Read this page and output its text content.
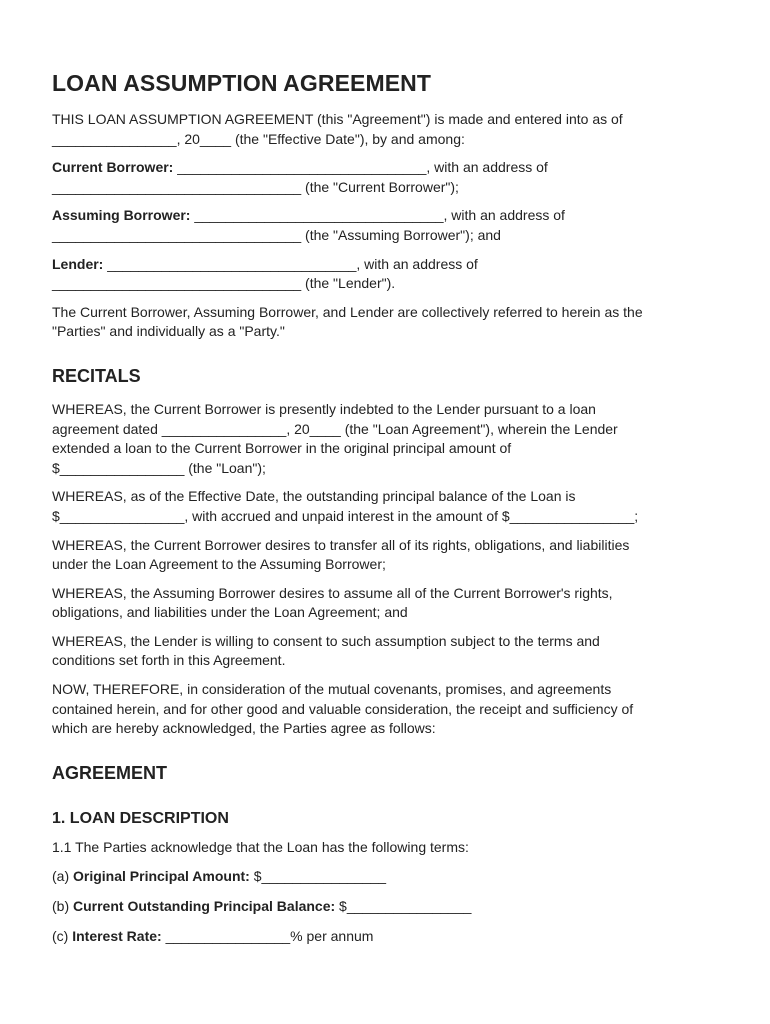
LOAN ASSUMPTION AGREEMENT

THIS LOAN ASSUMPTION AGREEMENT (this "Agreement") is made and entered into as of
________________, 20____ (the "Effective Date"), by and among:

Current Borrower: ________________________________, with an address of
________________________________ (the "Current Borrower");

Assuming Borrower: ________________________________, with an address of
________________________________ (the "Assuming Borrower"); and

Lender: ________________________________, with an address of
________________________________ (the "Lender").

The Current Borrower, Assuming Borrower, and Lender are collectively referred to herein as the
"Parties" and individually as a "Party."

RECITALS

WHEREAS, the Current Borrower is presently indebted to the Lender pursuant to a loan
agreement dated ________________, 20____ (the "Loan Agreement"), wherein the Lender
extended a loan to the Current Borrower in the original principal amount of
$________________ (the "Loan");

WHEREAS, as of the Effective Date, the outstanding principal balance of the Loan is
$________________, with accrued and unpaid interest in the amount of $________________;

WHEREAS, the Current Borrower desires to transfer all of its rights, obligations, and liabilities
under the Loan Agreement to the Assuming Borrower;

WHEREAS, the Assuming Borrower desires to assume all of the Current Borrower's rights,
obligations, and liabilities under the Loan Agreement; and

WHEREAS, the Lender is willing to consent to such assumption subject to the terms and
conditions set forth in this Agreement.

NOW, THEREFORE, in consideration of the mutual covenants, promises, and agreements
contained herein, and for other good and valuable consideration, the receipt and sufficiency of
which are hereby acknowledged, the Parties agree as follows:

AGREEMENT
1. LOAN DESCRIPTION

1.1 The Parties acknowledge that the Loan has the following terms:

(a) Original Principal Amount: $________________

(b) Current Outstanding Principal Balance: $________________

(c) Interest Rate: ________________% per annum
